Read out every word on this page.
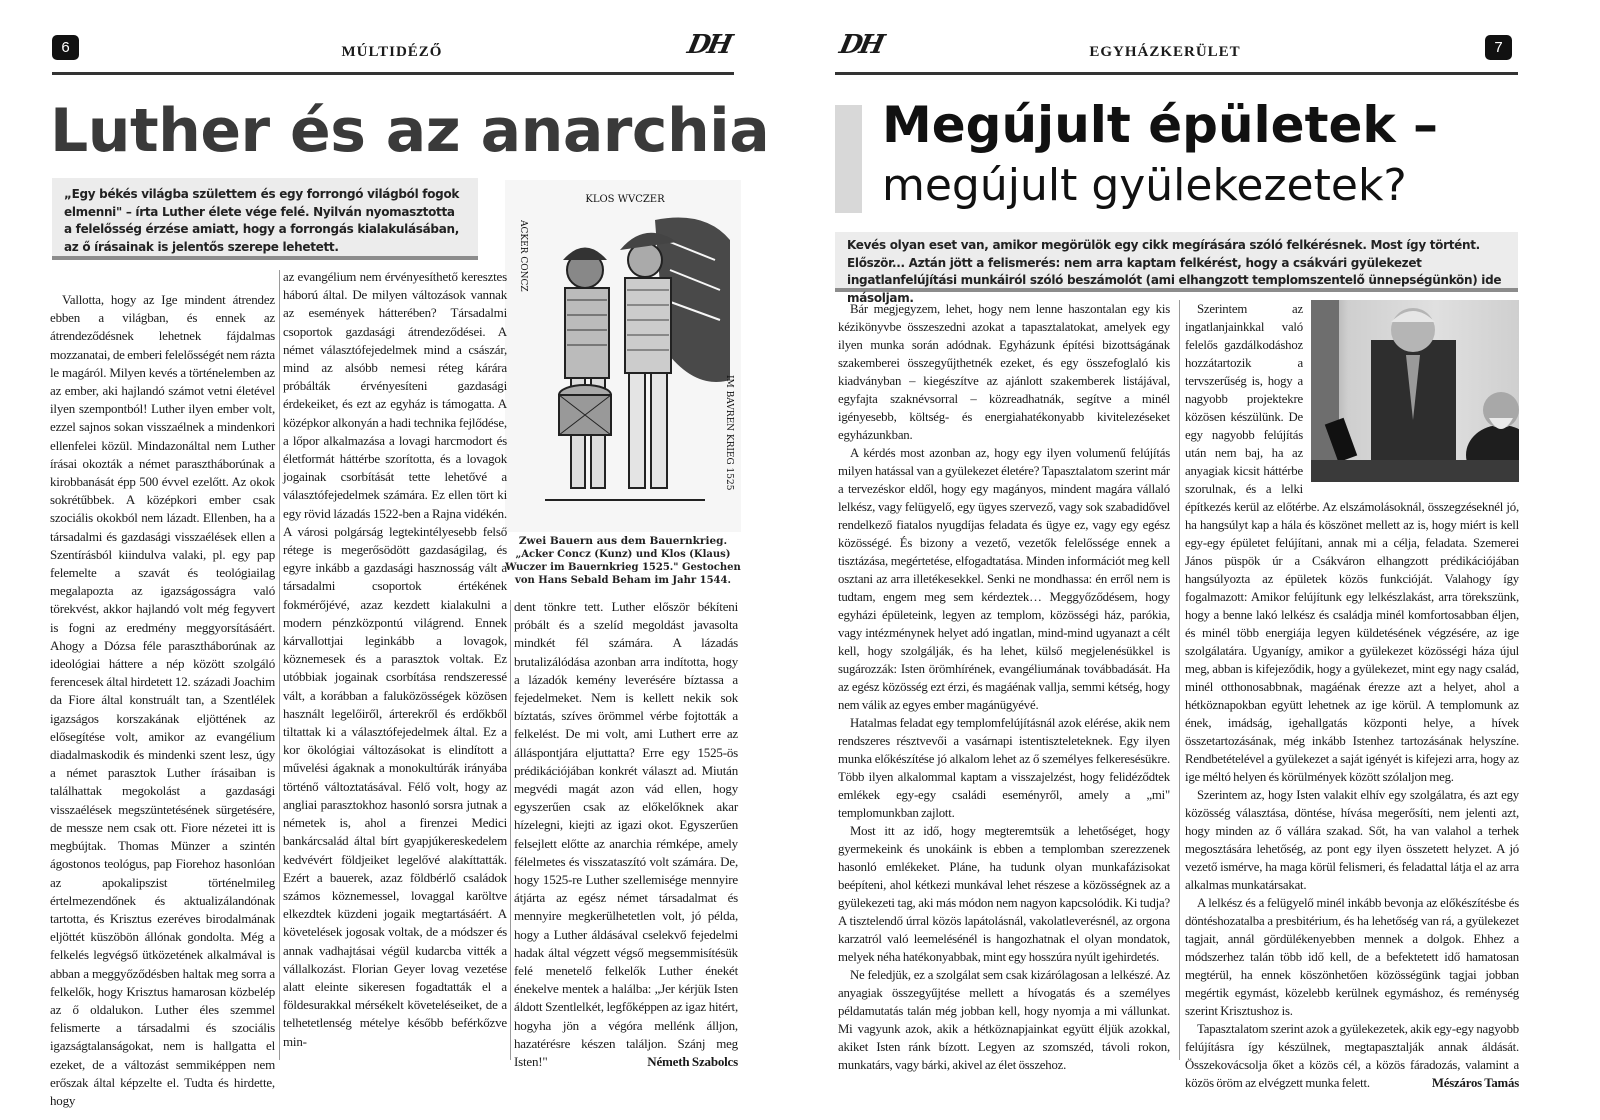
6	MÚLTIDÉZŐ	DH
Luther és az anarchia
„Egy békés világba születtem és egy forrongó világból fogok elmenni" – írta Luther élete vége felé. Nyilván nyomasztotta a felelősség érzése amiatt, hogy a forrongás kialakulásában, az ő írásainak is jelentős szerepe lehetett.
KLOS WVCZER
ACKER CONCZ
IM BAVREN KRIEG 1525
Zwei Bauern aus dem Bauernkrieg.
„Acker Concz (Kunz) und Klos (Klaus) Wuczer im Bauernkrieg 1525." Gestochen von Hans Sebald Beham im Jahr 1544.

Vallotta, hogy az Ige mindent átrendez ebben a világban, és ennek az átrendeződésnek lehetnek fájdalmas mozzanatai, de emberi felelősségét nem rázta le magáról. Milyen kevés a történelemben az az ember, aki hajlandó számot vetni életével ilyen szempontból! Luther ilyen ember volt, ezzel sajnos sokan visszaélnek a mindenkori ellenfelei közül. Mindazonáltal nem Luther írásai okozták a német parasztháborúnak a kirobbanását épp 500 évvel ezelőtt. Az okok sokrétűbbek. A középkori ember csak szociális okokból nem lázadt. Ellenben, ha a társadalmi és gazdasági visszaélések ellen a Szentírásból kiindulva valaki, pl. egy pap felemelte a szavát és teológiailag megalapozta az igazságosságra való törekvést, akkor hajlandó volt még fegyvert is fogni az eredmény meggyorsításáért. Ahogy a Dózsa féle parasztháborúnak az ideológiai háttere a nép között szolgáló ferencesek által hirdetett 12. századi Joachim da Fiore által konstruált tan, a Szentlélek igazságos korszakának eljöttének az elősegítése volt, amikor az evangélium diadalmaskodik és mindenki szent lesz, úgy a német parasztok Luther írásaiban is találhattak megokolást a gazdasági visszaélések megszüntetésének sürgetésére, de messze nem csak ott. Fiore nézetei itt is megbújtak. Thomas Münzer a szintén ágostonos teológus, pap Fiorehoz hasonlóan az apokalipszist történelmileg értelmezendőnek és aktualizálandónak tartotta, és Krisztus ezeréves birodalmának eljöttét küszöbön állónak gondolta. Még a felkelés legvégső ütközetének alkalmával is abban a meggyőződésben haltak meg sorra a felkelők, hogy Krisztus hamarosan közbelép az ő oldalukon. Luther éles szemmel felismerte a társadalmi és szociális igazságtalanságokat, nem is hallgatta el ezeket, de a változást semmiképpen nem erőszak által képzelte el. Tudta és hirdette, hogy

az evangélium nem érvényesíthető keresztes háború által. De milyen változások vannak az események hátterében? Társadalmi csoportok gazdasági átrendeződései. A német választófejedelmek mind a császár, mind az alsóbb nemesi réteg kárára próbálták érvényesíteni gazdasági érdekeiket, és ezt az egyház is támogatta. A középkor alkonyán a hadi technika fejlődése, a lőpor alkalmazása a lovagi harcmodort és életformát háttérbe szorította, és a lovagok jogainak csorbítását tette lehetővé a választófejedelmek számára. Ez ellen tört ki egy rövid lázadás 1522-ben a Rajna vidékén. A városi polgárság legtekintélyesebb felső rétege is megerősödött gazdaságilag, és egyre inkább a gazdasági hasznosság vált a társadalmi csoportok értékének fokmérőjévé, azaz kezdett kialakulni a modern pénzközpontú világrend. Ennek kárvallottjai leginkább a lovagok, köznemesek és a parasztok voltak. Ez utóbbiak jogainak csorbítása rendszeressé vált, a korábban a faluközösségek közösen használt legelőiről, árterekről és erdőkből tiltattak ki a választófejedelmek által. Ez a kor ökológiai változásokat is elindított a művelési ágaknak a monokultúrák irányába történő változtatásával. Félő volt, hogy az angliai parasztokhoz hasonló sorsra jutnak a németek is, ahol a firenzei Medici bankárcsalád által bírt gyapjúkereskedelem kedvévért földjeiket legelővé alakíttatták. Ezért a bauerek, azaz földbérlő családok számos köznemessel, lovaggal karöltve elkezdtek küzdeni jogaik megtartásáért. A követelések jogosak voltak, de a módszer és annak vadhajtásai végül kudarcba vitték a vállalkozást. Florian Geyer lovag vezetése alatt eleinte sikeresen fogadtatták el a földesurakkal mérsékelt követeléseiket, de a telhetetlenség mételye később beférkőzve min-

dent tönkre tett. Luther először békíteni próbált és a szelíd megoldást javasolta mindkét fél számára. A lázadás brutalizálódása azonban arra indította, hogy a lázadók kemény leverésére bíztassa a fejedelmeket. Nem is kellett nekik sok bíztatás, szíves örömmel vérbe fojtották a felkelést. De mi volt, ami Luthert erre az álláspontjára eljuttatta? Erre egy 1525-ös prédikációjában konkrét választ ad. Miután megvédi magát azon vád ellen, hogy egyszerűen csak az előkelőknek akar hízelegni, kiejti az igazi okot. Egyszerűen felsejlett előtte az anarchia rémképe, amely félelmetes és visszataszító volt számára. De, hogy 1525-re Luther szellemisége mennyire átjárta az egész német társadalmat és mennyire megkerülhetetlen volt, jó példa, hogy a Luther áldásával cselekvő fejedelmi hadak által végzett végső megsemmisítésük felé menetelő felkelők Luther énekét énekelve mentek a halálba: „Jer kérjük Isten áldott Szentlelkét, legfőképpen az igaz hitért, hogyha jön a végóra mellénk álljon, hazatérésre készen találjon. Szánj meg Isten!"	Németh Szabolcs

DH	EGYHÁZKERÜLET	7
Megújult épületek –
megújult gyülekezetek?
Kevés olyan eset van, amikor megörülök egy cikk megírására szóló felkérésnek. Most így történt. Először... Aztán jött a felismerés: nem arra kaptam felkérést, hogy a csákvári gyülekezet ingatlanfelújítási munkáiról szóló beszámolót (ami elhangzott templomszentelő ünnepségünkön) ide másoljam.

Bár megjegyzem, lehet, hogy nem lenne haszontalan egy kis kézikönyvbe összeszedni azokat a tapasztalatokat, amelyek egy ilyen munka során adódnak. Egyházunk építési bizottságának szakemberei összegyűjthetnék ezeket, és egy összefoglaló kis kiadványban – kiegészítve az ajánlott szakemberek listájával, egyfajta szaknévsorral – közreadhatnák, segítve a minél igényesebb, költség- és energiahatékonyabb kivitelezéseket egyházunkban.

A kérdés most azonban az, hogy egy ilyen volumenű felújítás milyen hatással van a gyülekezet életére? Tapasztalatom szerint már a tervezéskor eldől, hogy egy magányos, mindent magára vállaló lelkész, vagy felügyelő, egy ügyes szervező, vagy sok szabadidővel rendelkező fiatalos nyugdíjas feladata és ügye ez, vagy egy egész közösségé. És bizony a vezető, vezetők felelőssége ennek a tisztázása, megértetése, elfogadtatása. Minden információt meg kell osztani az arra illetékesekkel. Senki ne mondhassa: én erről nem is tudtam, engem meg sem kérdeztek… Meggyőződésem, hogy egyházi épületeink, legyen az templom, közösségi ház, parókia, vagy intézménynek helyet adó ingatlan, mind-mind ugyanazt a célt kell, hogy szolgálják, és ha lehet, külső megjelenésükkel is sugározzák: Isten örömhírének, evangéliumának továbbadását. Ha az egész közösség ezt érzi, és magáénak vallja, semmi kétség, hogy nem válik az egyes ember magánügyévé.

Hatalmas feladat egy templomfelújításnál azok elérése, akik nem rendszeres résztvevői a vasárnapi istentiszteleteknek. Egy ilyen munka előkészítése jó alkalom lehet az ő személyes felkeresésükre. Több ilyen alkalommal kaptam a visszajelzést, hogy felidéződtek emlékek egy-egy családi eseményről, amely a „mi" templomunkban zajlott.

Most itt az idő, hogy megteremtsük a lehetőséget, hogy gyermekeink és unokáink is ebben a templomban szerezzenek hasonló emlékeket. Pláne, ha tudunk olyan munkafázisokat beépíteni, ahol kétkezi munkával lehet részese a közösségnek az a gyülekezeti tag, aki más módon nem nagyon kapcsolódik. Ki tudja? A tisztelendő úrral közös lapátolásnál, vakolatleverésnél, az orgona karzatról való leemelésénél is hangozhatnak el olyan mondatok, melyek néha hatékonyabbak, mint egy hosszúra nyúlt igehirdetés.

Ne feledjük, ez a szolgálat sem csak kizárólagosan a lelkészé. Az anyagiak összegyűjtése mellett a hívogatás és a személyes példamutatás talán még jobban kell, hogy nyomja a mi vállunkat. Mi vagyunk azok, akik a hétköznapjainkat együtt éljük azokkal, akiket Isten ránk bízott. Legyen az szomszéd, távoli rokon, munkatárs, vagy bárki, akivel az élet összehoz.

Szerintem az ingatlanjainkkal való felelős gazdálkodáshoz hozzátartozik a tervszerűség is, hogy a nagyobb projektekre közösen készülünk. De egy nagyobb felújítás után nem baj, ha az anyagiak kicsit háttérbe szorulnak, és a lelki építkezés kerül az előtérbe. Az elszámolásoknál, összegzéseknél jó, ha hangsúlyt kap a hála és köszönet mellett az is, hogy miért is kell egy-egy épületet felújítani, annak mi a célja, feladata. Szemerei János püspök úr a Csákváron elhangzott prédikációjában hangsúlyozta az épületek közös funkcióját. Valahogy így fogalmazott: Amikor felújítunk egy lelkészlakást, arra törekszünk, hogy a benne lakó lelkész és családja minél komfortosabban éljen, és minél több energiája legyen küldetésének végzésére, az ige szolgálatára. Ugyanígy, amikor a gyülekezet közösségi háza újul meg, abban is kifejeződik, hogy a gyülekezet, mint egy nagy család, minél otthonosabbnak, magáénak érezze azt a helyet, ahol a hétköznapokban együtt lehetnek az ige körül. A templomunk az ének, imádság, igehallgatás központi helye, a hívek összetartozásának, még inkább Istenhez tartozásának helyszíne. Rendbetételével a gyülekezet a saját igényét is kifejezi arra, hogy az ige méltó helyen és körülmények között szólaljon meg.

Szerintem az, hogy Isten valakit elhív egy szolgálatra, és azt egy közösség választása, döntése, hívása megerősíti, nem jelenti azt, hogy minden az ő vállára szakad. Sőt, ha van valahol a terhek megosztására lehetőség, az pont egy ilyen összetett helyzet. A jó vezető ismérve, ha maga körül felismeri, és feladattal látja el az arra alkalmas munkatársakat.

A lelkész és a felügyelő minél inkább bevonja az előkészítésbe és döntéshozatalba a presbitérium, és ha lehetőség van rá, a gyülekezet tagjait, annál gördülékenyebben mennek a dolgok. Ehhez a módszerhez talán több idő kell, de a befektetett idő hamatosan megtérül, ha ennek köszönhetően közösségünk tagjai jobban megértik egymást, közelebb kerülnek egymáshoz, és reménység szerint Krisztushoz is.

Tapasztalatom szerint azok a gyülekezetek, akik egy-egy nagyobb felújításra így készülnek, megtapasztalják annak áldását. Összekovácsolja őket a közös cél, a közös fáradozás, valamint a közös öröm az elvégzett munka felett.	Mészáros Tamás
